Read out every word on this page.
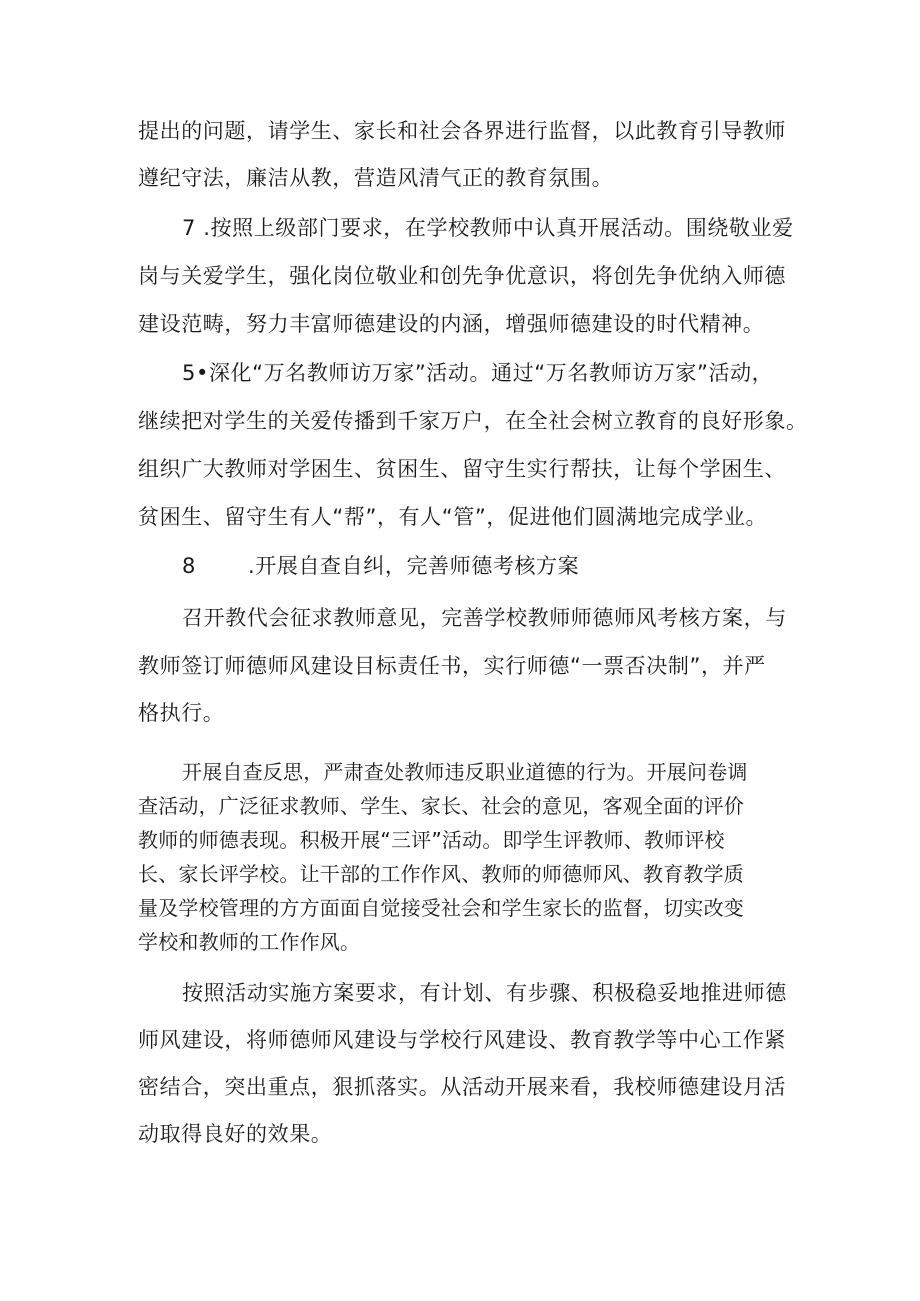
提出的问题，请学生、家长和社会各界进行监督，以此教育引导教师
遵纪守法，廉洁从教，营造风清气正的教育氛围。
7 .按照上级部门要求，在学校教师中认真开展活动。围绕敬业爱
岗与关爱学生，强化岗位敬业和创先争优意识，将创先争优纳入师德
建设范畴，努力丰富师德建设的内涵，增强师德建设的时代精神。
5•深化“万名教师访万家”活动。通过“万名教师访万家”活动，
继续把对学生的关爱传播到千家万户，在全社会树立教育的良好形象。
组织广大教师对学困生、贫困生、留守生实行帮扶，让每个学困生、
贫困生、留守生有人“帮”，有人“管”，促进他们圆满地完成学业。
8 .开展自查自纠，完善师德考核方案
召开教代会征求教师意见，完善学校教师师德师风考核方案，与
教师签订师德师风建设目标责任书，实行师德“一票否决制”，并严
格执行。
开展自查反思，严肃查处教师违反职业道德的行为。开展问卷调
查活动，广泛征求教师、学生、家长、社会的意见，客观全面的评价
教师的师德表现。积极开展“三评”活动。即学生评教师、教师评校
长、家长评学校。让干部的工作作风、教师的师德师风、教育教学质
量及学校管理的方方面面自觉接受社会和学生家长的监督，切实改变
学校和教师的工作作风。
按照活动实施方案要求，有计划、有步骤、积极稳妥地推进师德
师风建设，将师德师风建设与学校行风建设、教育教学等中心工作紧
密结合，突出重点，狠抓落实。从活动开展来看，我校师德建设月活
动取得良好的效果。
